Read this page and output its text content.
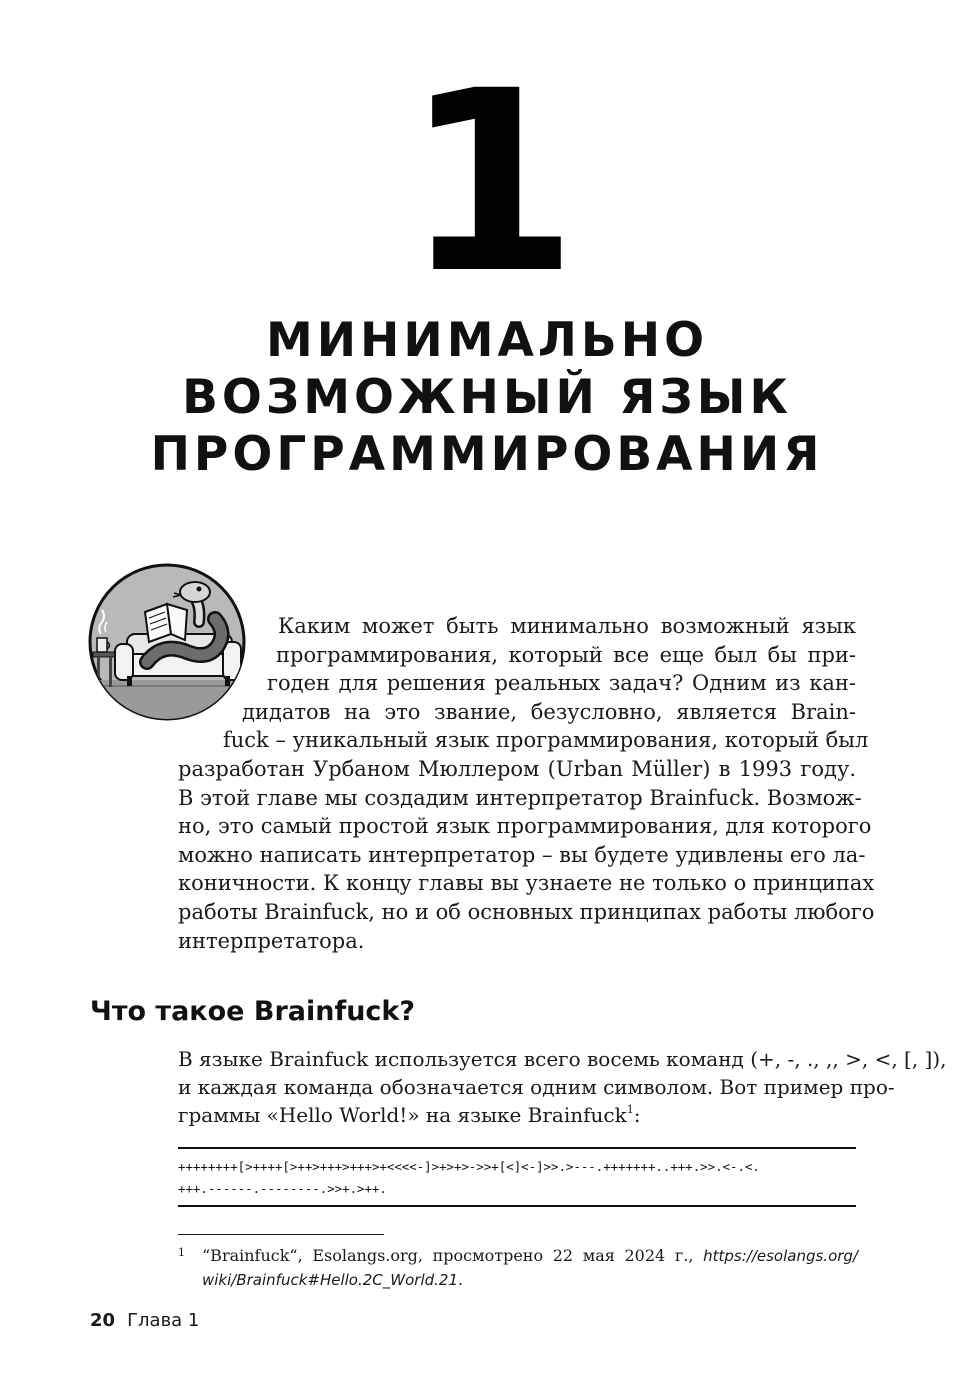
1
МИНИМАЛЬНО
ВОЗМОЖНЫЙ ЯЗЫК
ПРОГРАММИРОВАНИЯ
Каким может быть минимально возможный язык
программирования, который все еще был бы при-
годен для решения реальных задач? Одним из кан-
дидатов на это звание, безусловно, является Brain-
fuck – уникальный язык программирования, который был
разработан Урбаном Мюллером (Urban Müller) в 1993 году.
В этой главе мы создадим интерпретатор Brainfuck. Возмож-
но, это самый простой язык программирования, для которого
можно написать интерпретатор – вы будете удивлены его ла-
коничности. К концу главы вы узнаете не только о принципах
работы Brainfuck, но и об основных принципах работы любого
интерпретатора.
Что такое Brainfuck?
В языке Brainfuck используется всего восемь команд (+, -, ., ,, >, <, [, ]),
и каждая команда обозначается одним символом. Вот пример про-
граммы «Hello World!» на языке Brainfuck$^1$:
++++++++[>++++[>++>+++>+++>+<<<<-]>+>+>->>+[<]<-]>>.>---.+++++++..+++.>>.<-.<.
+++.------.--------.>>+.>++.
1 “Brainfuck“, Esolangs.org, просмотрено 22 мая 2024 г., https://esolangs.org/
wiki/Brainfuck#Hello.2C_World.21.
20 Глава 1
